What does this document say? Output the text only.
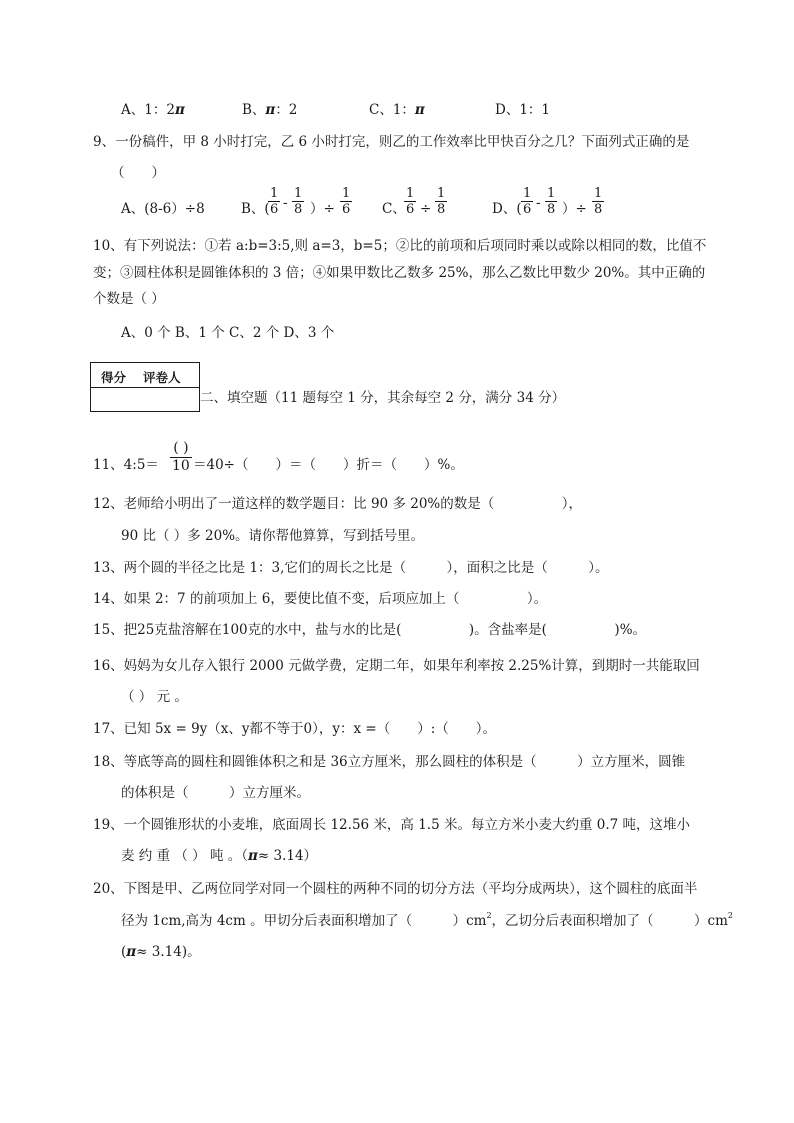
A、1：2π	B、π：2	C、1：π	D、1：1
9、一份稿件，甲 8 小时打完，乙 6 小时打完，则乙的工作效率比甲快百分之几？下面列式正确的是
（　　）
A、(8-6）÷8	B、(
1
6 -
1
8 ）÷
1
6 C、
1
6 ÷
1
8	D、(
1
6 -
1
8 ）÷
1
8
10、有下列说法：①若 a:b=3:5,则 a=3，b=5；②比的前项和后项同时乘以或除以相同的数，比值不
变；③圆柱体积是圆锥体积的 3 倍；④如果甲数比乙数多 25%，那么乙数比甲数少 20%。其中正确的
个数是（ ）
A、0 个 B、1 个 C、2 个 D、3 个
得分 评卷人
二、填空题（11 题每空 1 分，其余每空 2 分，满分 34 分）
11、4:5＝
( )
10 ＝40÷（　　）＝（　　）折＝（　　）%。
12、老师给小明出了一道这样的数学题目：比 90 多 20%的数是（　　　　　），
90 比（ ）多 20%。请你帮他算算，写到括号里。
13、两个圆的半径之比是 1：3,它们的周长之比是（　　　），面积之比是（　　　）。
14、如果 2：7 的前项加上 6，要使比值不变，后项应加上（　　　　　）。
15、把25克盐溶解在100克的水中，盐与水的比是(　　　　　)。含盐率是(　　　　　)%。
16、妈妈为女儿存入银行 2000 元做学费，定期二年，如果年利率按 2.25%计算，到期时一共能取回
（ ） 元 。
17、已知 5x = 9y（x、y都不等于0），y：x =（　　）:（　　）。
18、等底等高的圆柱和圆锥体积之和是 36立方厘米，那么圆柱的体积是（　　　）立方厘米，圆锥
的体积是（　　　）立方厘米。
19、一个圆锥形状的小麦堆，底面周长 12.56 米，高 1.5 米。每立方米小麦大约重 0.7 吨，这堆小
麦 约 重 （ ） 吨 。（π≈ 3.14）
20、下图是甲、乙两位同学对同一个圆柱的两种不同的切分方法（平均分成两块），这个圆柱的底面半
径为 1cm,高为 4cm 。甲切分后表面积增加了（　　　）$cm^2$，乙切分后表面积增加了（　　　）$cm^2$
(π≈ 3.14)。
